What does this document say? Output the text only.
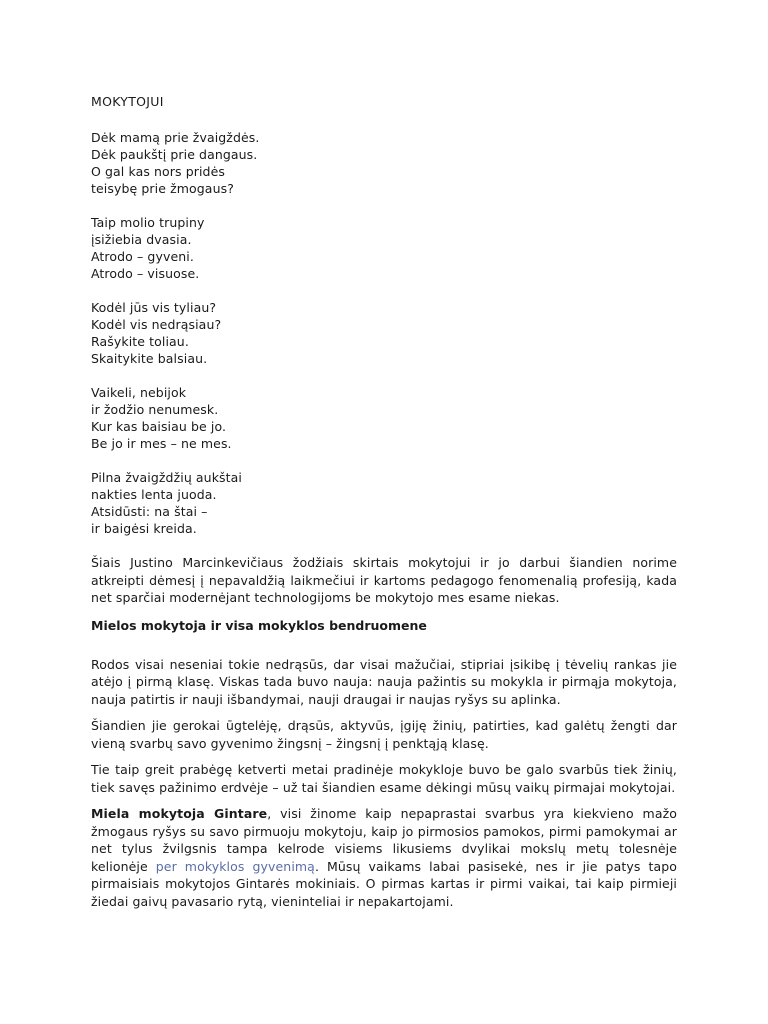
MOKYTOJUI
Dėk mamą prie žvaigždės.
Dėk paukštį prie dangaus.
O gal kas nors pridės
teisybę prie žmogaus?
Taip molio trupiny
įsižiebia dvasia.
Atrodo – gyveni.
Atrodo – visuose.
Kodėl jūs vis tyliau?
Kodėl vis nedrąsiau?
Rašykite toliau.
Skaitykite balsiau.
Vaikeli, nebijok
ir žodžio nenumesk.
Kur kas baisiau be jo.
Be jo ir mes – ne mes.
Pilna žvaigždžių aukštai
nakties lenta juoda.
Atsidūsti: na štai –
ir baigėsi kreida.

Šiais Justino Marcinkevičiaus žodžiais skirtais mokytojui ir jo darbui šiandien norime atkreipti dėmesį į nepavaldžią laikmečiui ir kartoms pedagogo fenomenalią profesiją, kada net sparčiai modernėjant technologijoms be mokytojo mes esame niekas.

Mielos mokytoja ir visa mokyklos bendruomene

Rodos visai neseniai tokie nedrąsūs, dar visai mažučiai, stipriai įsikibę į tėvelių rankas jie atėjo į pirmą klasę. Viskas tada buvo nauja: nauja pažintis su mokykla ir pirmąja mokytoja, nauja patirtis ir nauji išbandymai, nauji draugai ir naujas ryšys su aplinka.

Šiandien jie gerokai ūgtelėję, drąsūs, aktyvūs, įgiję žinių, patirties, kad galėtų žengti dar vieną svarbų savo gyvenimo žingsnį – žingsnį į penktąją klasę.

Tie taip greit prabėgę ketverti metai pradinėje mokykloje buvo be galo svarbūs tiek žinių, tiek savęs pažinimo erdvėje – už tai šiandien esame dėkingi mūsų vaikų pirmajai mokytojai.

Miela mokytoja Gintare, visi žinome kaip nepaprastai svarbus yra kiekvieno mažo žmogaus ryšys su savo pirmuoju mokytoju, kaip jo pirmosios pamokos, pirmi pamokymai ar net tylus žvilgsnis tampa kelrode visiems likusiems dvylikai mokslų metų tolesnėje kelionėje per mokyklos gyvenimą. Mūsų vaikams labai pasisekė, nes ir jie patys tapo pirmaisiais mokytojos Gintarės mokiniais. O pirmas kartas ir pirmi vaikai, tai kaip pirmieji žiedai gaivų pavasario rytą, vieninteliai ir nepakartojami.
